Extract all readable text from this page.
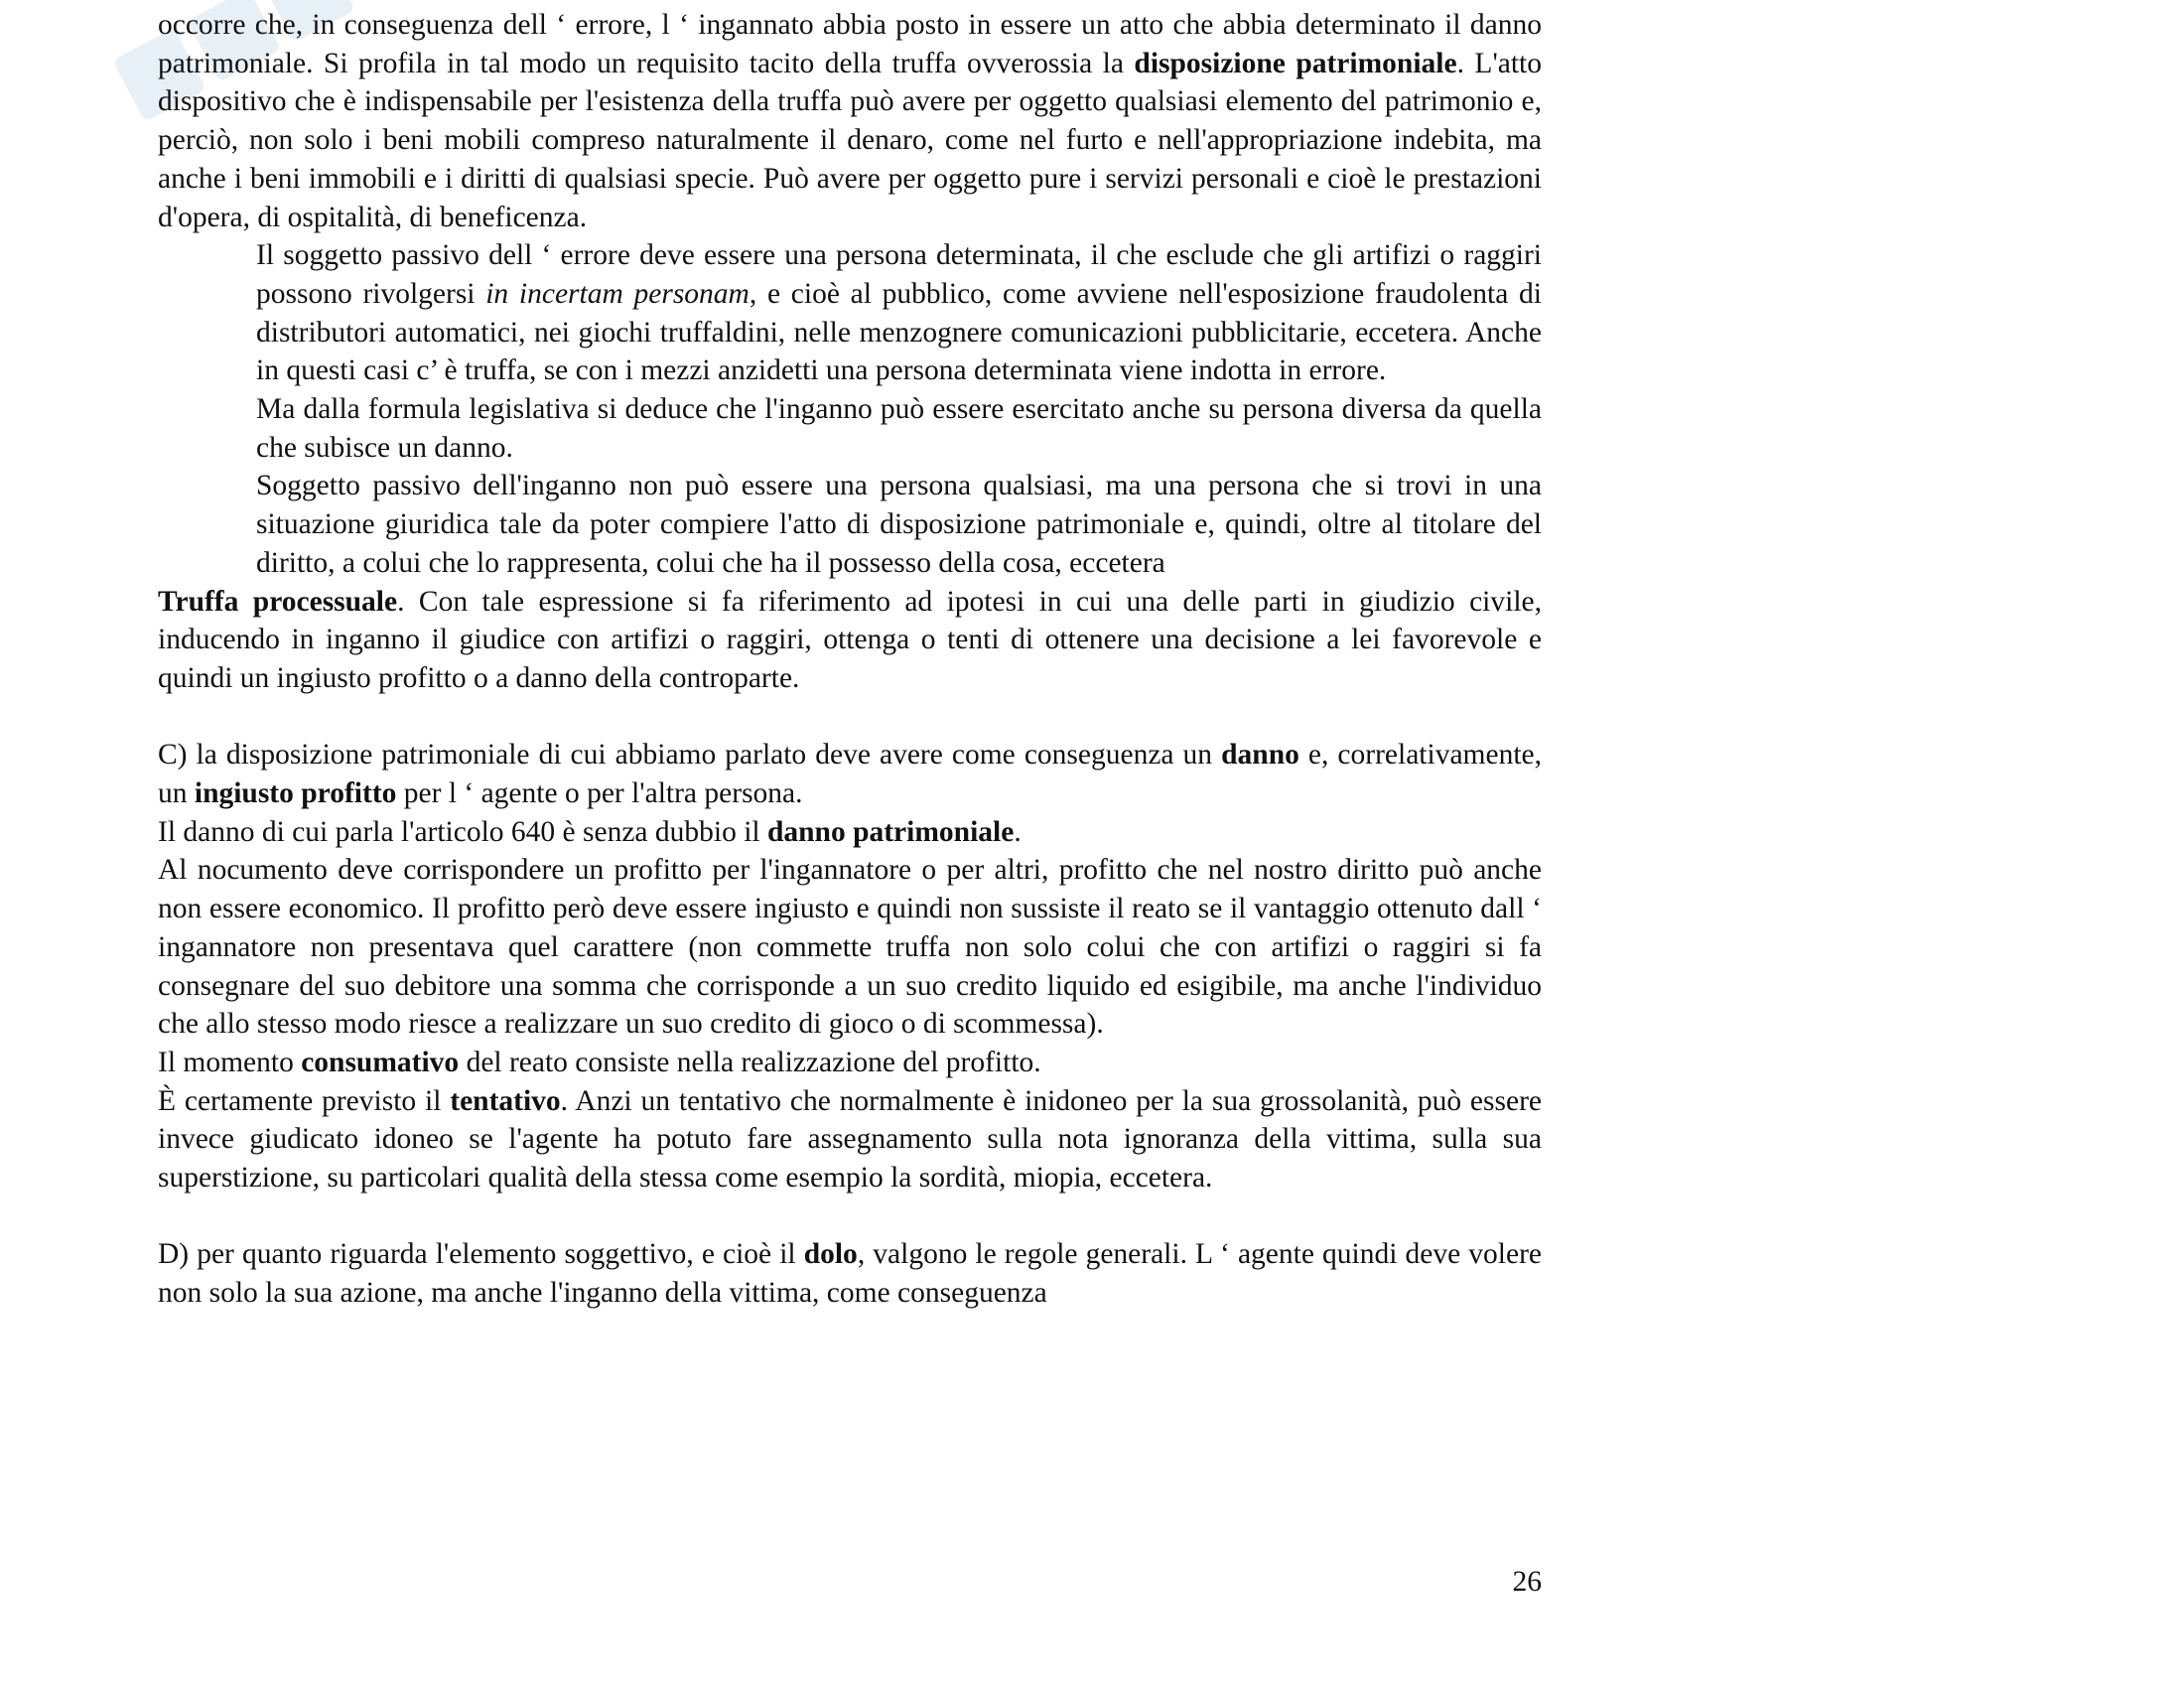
occorre che, in conseguenza dell ‘ errore, l ‘ ingannato abbia posto in essere un atto che abbia determinato il danno patrimoniale. Si profila in tal modo un requisito tacito della truffa ovverossia la disposizione patrimoniale. L'atto dispositivo che è indispensabile per l'esistenza della truffa può avere per oggetto qualsiasi elemento del patrimonio e, perciò, non solo i beni mobili compreso naturalmente il denaro, come nel furto e nell'appropriazione indebita, ma anche i beni immobili e i diritti di qualsiasi specie. Può avere per oggetto pure i servizi personali e cioè le prestazioni d'opera, di ospitalità, di beneficenza.

Il soggetto passivo dell ‘ errore deve essere una persona determinata, il che esclude che gli artifizi o raggiri possono rivolgersi in incertam personam, e cioè al pubblico, come avviene nell'esposizione fraudolenta di distributori automatici, nei giochi truffaldini, nelle menzognere comunicazioni pubblicitarie, eccetera. Anche in questi casi c’ è truffa, se con i mezzi anzidetti una persona determinata viene indotta in errore.

Ma dalla formula legislativa si deduce che l'inganno può essere esercitato anche su persona diversa da quella che subisce un danno.

Soggetto passivo dell'inganno non può essere una persona qualsiasi, ma una persona che si trovi in una situazione giuridica tale da poter compiere l'atto di disposizione patrimoniale e, quindi, oltre al titolare del diritto, a colui che lo rappresenta, colui che ha il possesso della cosa, eccetera

Truffa processuale. Con tale espressione si fa riferimento ad ipotesi in cui una delle parti in giudizio civile, inducendo in inganno il giudice con artifizi o raggiri, ottenga o tenti di ottenere una decisione a lei favorevole e quindi un ingiusto profitto o a danno della controparte.

C) la disposizione patrimoniale di cui abbiamo parlato deve avere come conseguenza un danno e, correlativamente, un ingiusto profitto per l ‘ agente o per l'altra persona.

Il danno di cui parla l'articolo 640 è senza dubbio il danno patrimoniale.

Al nocumento deve corrispondere un profitto per l'ingannatore o per altri, profitto che nel nostro diritto può anche non essere economico. Il profitto però deve essere ingiusto e quindi non sussiste il reato se il vantaggio ottenuto dall ‘ ingannatore non presentava quel carattere (non commette truffa non solo colui che con artifizi o raggiri si fa consegnare del suo debitore una somma che corrisponde a un suo credito liquido ed esigibile, ma anche l'individuo che allo stesso modo riesce a realizzare un suo credito di gioco o di scommessa).

Il momento consumativo del reato consiste nella realizzazione del profitto.

È certamente previsto il tentativo. Anzi un tentativo che normalmente è inidoneo per la sua grossolanità, può essere invece giudicato idoneo se l'agente ha potuto fare assegnamento sulla nota ignoranza della vittima, sulla sua superstizione, su particolari qualità della stessa come esempio la sordità, miopia, eccetera.

D) per quanto riguarda l'elemento soggettivo, e cioè il dolo, valgono le regole generali. L ‘ agente quindi deve volere non solo la sua azione, ma anche l'inganno della vittima, come conseguenza

26
